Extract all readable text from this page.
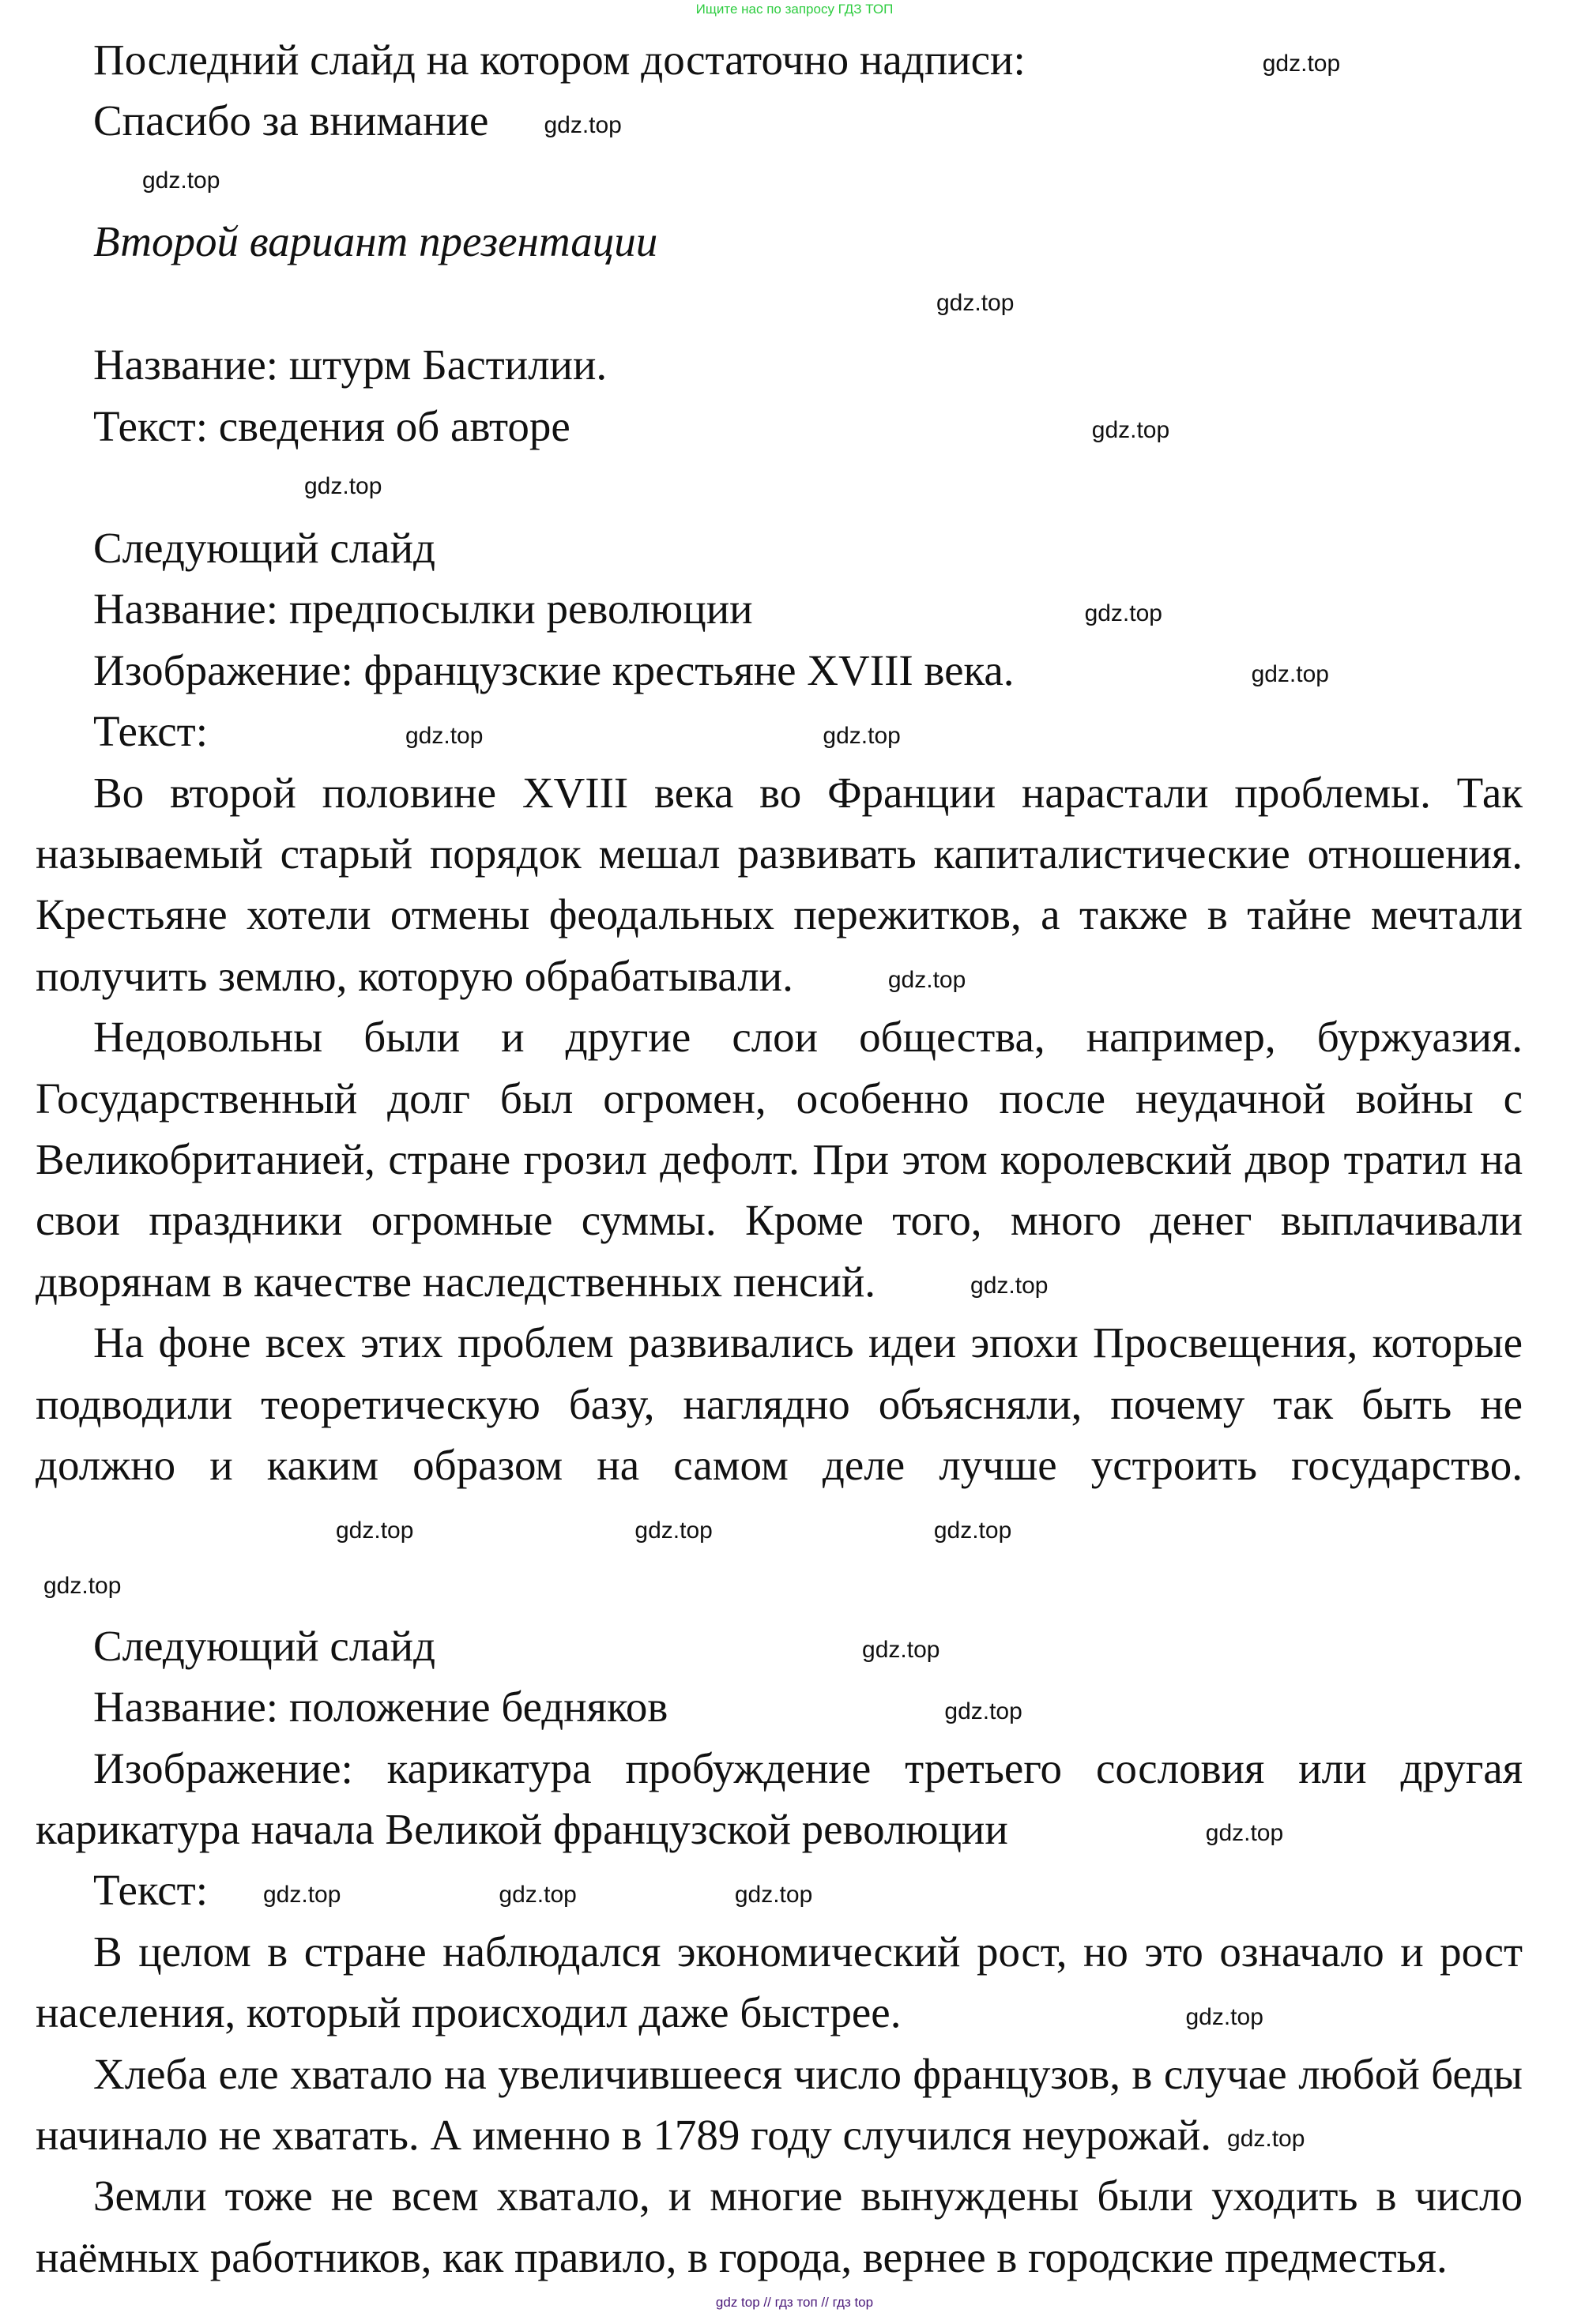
Ищите нас по запросу ГДЗ ТОП
Последний слайд на котором достаточно надписи:	gdz.top
Спасибо за внимание gdz.top
gdz.top
Второй вариант презентации
gdz.top
Название: штурм Бастилии.
Текст: сведения об авторе	gdz.top
gdz.top
Следующий слайд
Название: предпосылки революции	gdz.top
Изображение: французские крестьяне XVIII века.	gdz.top
Текст:	gdz.top	gdz.top
Во второй половине XVIII века во Франции нарастали проблемы. Так называемый старый порядок мешал развивать капиталистические отношения. Крестьяне хотели отмены феодальных пережитков, а также в тайне мечтали получить землю, которую обрабатывали.	gdz.top
Недовольны были и другие слои общества, например, буржуазия. Государственный долг был огромен, особенно после неудачной войны с Великобританией, стране грозил дефолт. При этом королевский двор тратил на свои праздники огромные суммы. Кроме того, много денег выплачивали дворянам в качестве наследственных пенсий.	gdz.top
На фоне всех этих проблем развивались идеи эпохи Просвещения, которые подводили теоретическую базу, наглядно объясняли, почему так быть не должно и каким образом на самом деле лучше устроить государство.gdz.top	gdz.top	gdz.top
gdz.top
Следующий слайд	gdz.top
Название: положение бедняков	gdz.top
Изображение: карикатура пробуждение третьего сословия или другая карикатура начала Великой французской революции	gdz.top
Текст: gdz.top	gdz.top	gdz.top
В целом в стране наблюдался экономический рост, но это означало и рост населения, который происходил даже быстрее.	gdz.top
Хлеба еле хватало на увеличившееся число французов, в случае любой беды начинало не хватать. А именно в 1789 году случился неурожай. gdz.top
Земли тоже не всем хватало, и многие вынуждены были уходить в число наёмных работников, как правило, в города, вернее в городские предместья.
gdz top // гдз топ // гдз top
